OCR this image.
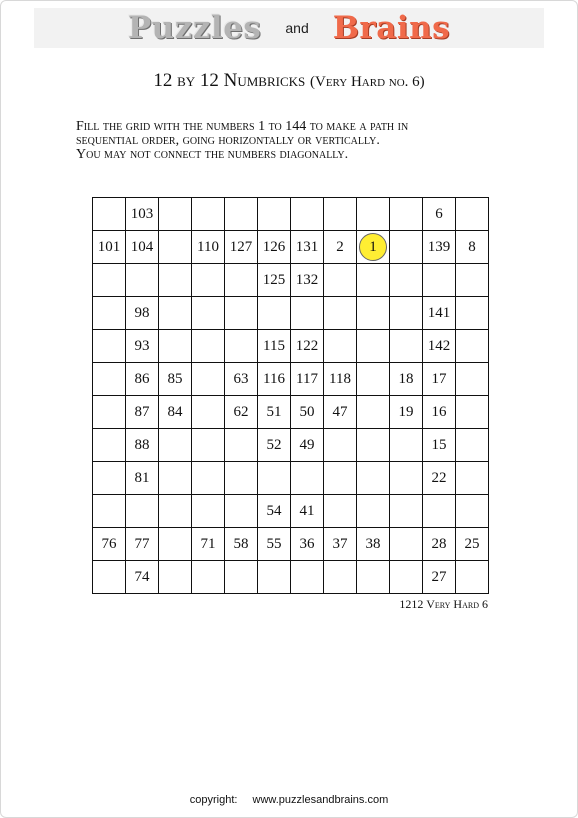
Puzzles and Brains
12 by 12 Numbricks (Very Hard no. 6)
Fill the grid with the numbers 1 to 144 to make a path in
sequential order, going horizontally or vertically.
You may not connect the numbers diagonally.
	103									6	
101	104		110	127	126	131	2	1		139	8
					125	132					
	98									141	
	93				115	122				142	
	86	85		63	116	117	118		18	17	
	87	84		62	51	50	47		19	16	
	88				52	49				15	
	81									22	
					54	41					
76	77		71	58	55	36	37	38		28	25
	74									27	
1212 Very Hard 6
copyright: www.puzzlesandbrains.com
